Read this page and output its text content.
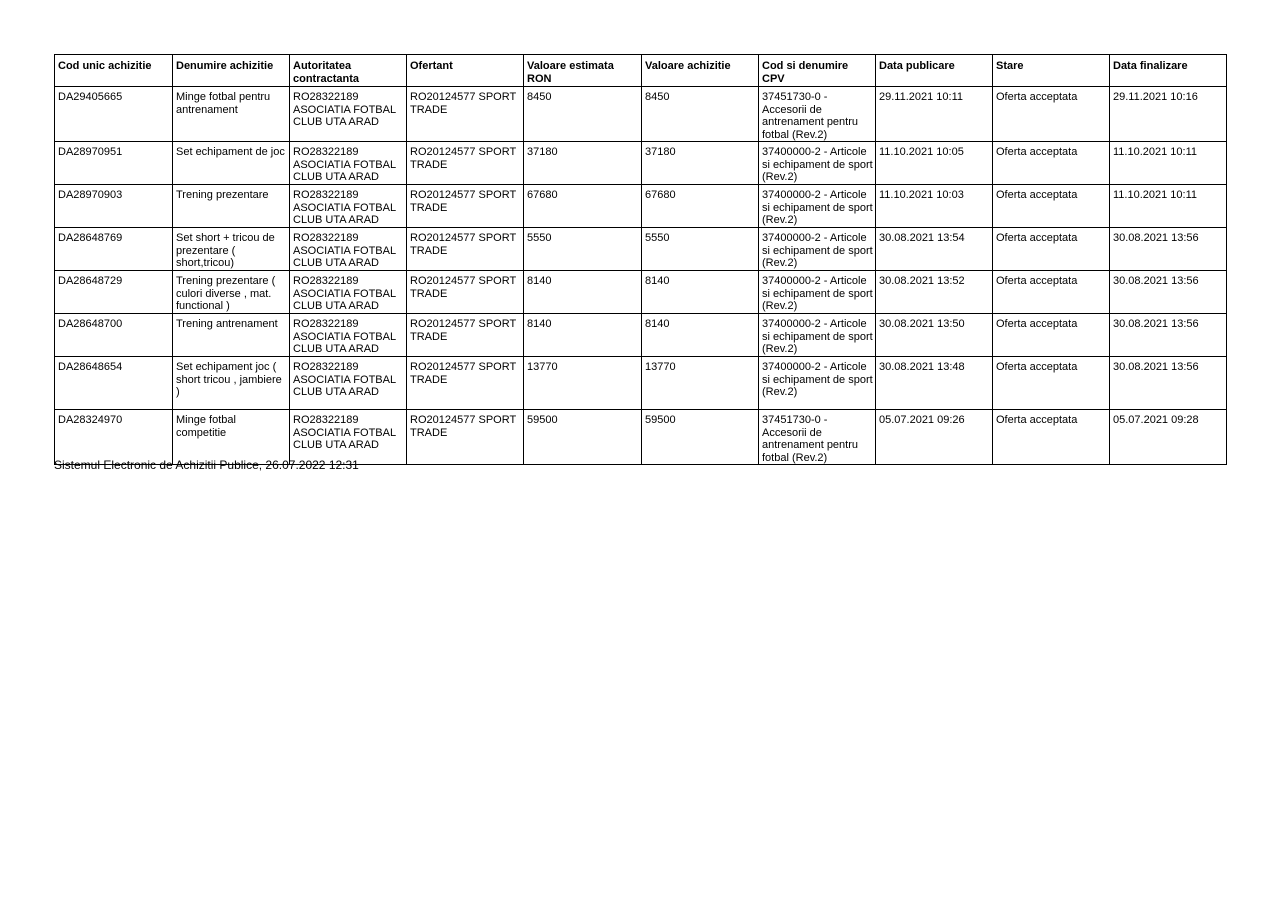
Cod unic achizitie	Denumire achizitie	Autoritatea contractanta	Ofertant	Valoare estimata RON	Valoare achizitie	Cod si denumire CPV	Data publicare	Stare	Data finalizare
DA29405665	Minge fotbal pentru antrenament	RO28322189 ASOCIATIA FOTBAL CLUB UTA ARAD	RO20124577 SPORT TRADE	8450	8450	37451730-0 - Accesorii de antrenament pentru fotbal (Rev.2)	29.11.2021 10:11	Oferta acceptata	29.11.2021 10:16
DA28970951	Set echipament de joc	RO28322189 ASOCIATIA FOTBAL CLUB UTA ARAD	RO20124577 SPORT TRADE	37180	37180	37400000-2 - Articole si echipament de sport (Rev.2)	11.10.2021 10:05	Oferta acceptata	11.10.2021 10:11
DA28970903	Trening prezentare	RO28322189 ASOCIATIA FOTBAL CLUB UTA ARAD	RO20124577 SPORT TRADE	67680	67680	37400000-2 - Articole si echipament de sport (Rev.2)	11.10.2021 10:03	Oferta acceptata	11.10.2021 10:11
DA28648769	Set short + tricou de prezentare ( short,tricou)	RO28322189 ASOCIATIA FOTBAL CLUB UTA ARAD	RO20124577 SPORT TRADE	5550	5550	37400000-2 - Articole si echipament de sport (Rev.2)	30.08.2021 13:54	Oferta acceptata	30.08.2021 13:56
DA28648729	Trening prezentare ( culori diverse , mat. functional )	RO28322189 ASOCIATIA FOTBAL CLUB UTA ARAD	RO20124577 SPORT TRADE	8140	8140	37400000-2 - Articole si echipament de sport (Rev.2)	30.08.2021 13:52	Oferta acceptata	30.08.2021 13:56
DA28648700	Trening antrenament	RO28322189 ASOCIATIA FOTBAL CLUB UTA ARAD	RO20124577 SPORT TRADE	8140	8140	37400000-2 - Articole si echipament de sport (Rev.2)	30.08.2021 13:50	Oferta acceptata	30.08.2021 13:56
DA28648654	Set echipament joc ( short tricou , jambiere )	RO28322189 ASOCIATIA FOTBAL CLUB UTA ARAD	RO20124577 SPORT TRADE	13770	13770	37400000-2 - Articole si echipament de sport (Rev.2)	30.08.2021 13:48	Oferta acceptata	30.08.2021 13:56
DA28324970	Minge fotbal competitie	RO28322189 ASOCIATIA FOTBAL CLUB UTA ARAD	RO20124577 SPORT TRADE	59500	59500	37451730-0 - Accesorii de antrenament pentru fotbal (Rev.2)	05.07.2021 09:26	Oferta acceptata	05.07.2021 09:28
Sistemul Electronic de Achizitii Publice, 26.07.2022 12:31
